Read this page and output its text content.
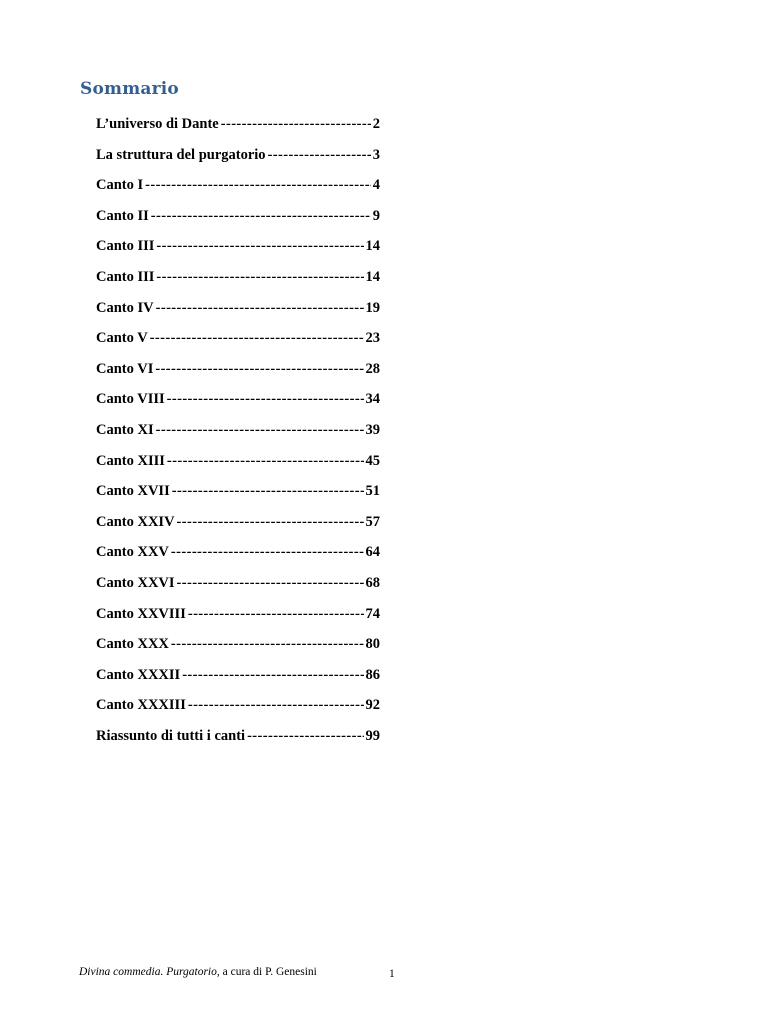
Sommario
L’universo di Dante -----	2
La struttura del purgatorio -----	3
Canto I -----	4
Canto II -----	9
Canto III -----	14
Canto III -----	14
Canto IV -----	19
Canto V -----	23
Canto VI -----	28
Canto VIII -----	34
Canto XI -----	39
Canto XIII -----	45
Canto XVII -----	51
Canto XXIV -----	57
Canto XXV -----	64
Canto XXVI -----	68
Canto XXVIII -----	74
Canto XXX -----	80
Canto XXXII -----	86
Canto XXXIII -----	92
Riassunto di tutti i canti -----	99

Divina commedia. Purgatorio, a cura di P. Genesini	1
